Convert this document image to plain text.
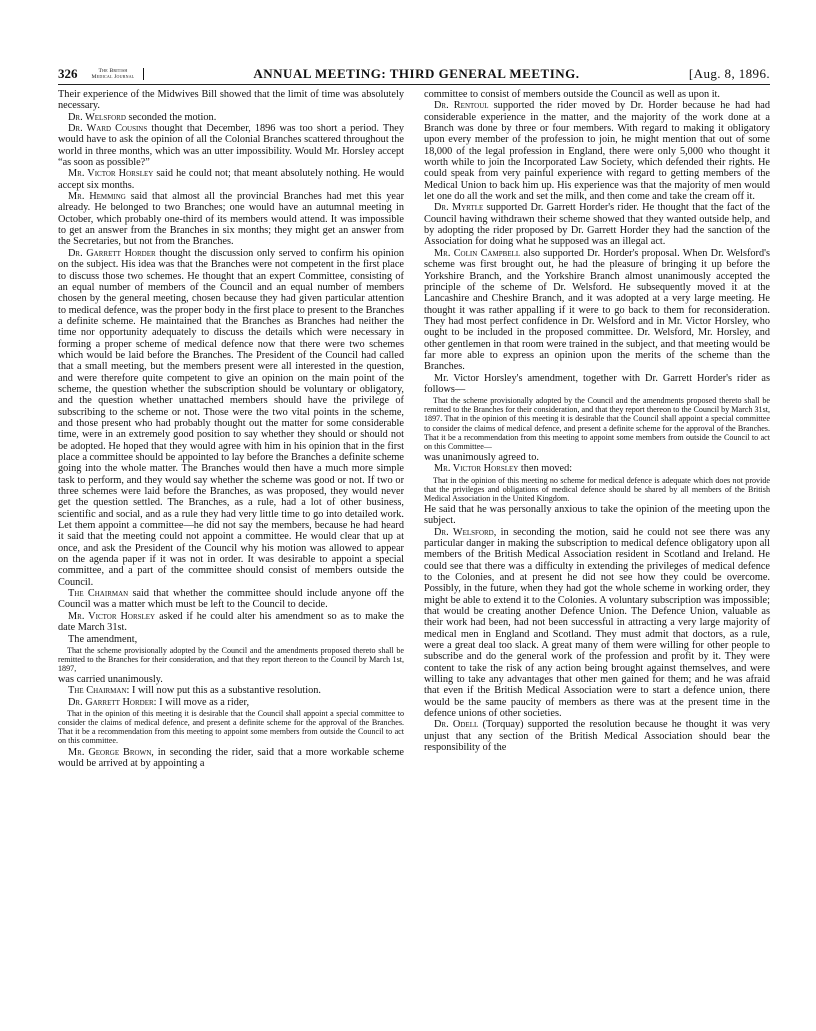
326	The British
Medical Journal	ANNUAL MEETING: THIRD GENERAL MEETING.	[Aug. 8, 1896.

Their experience of the Midwives Bill showed that the limit of time was absolutely necessary.

Dr. Welsford seconded the motion.

Dr. Ward Cousins thought that December, 1896 was too short a period. They would have to ask the opinion of all the Colonial Branches scattered throughout the world in three months, which was an utter impossibility. Would Mr. Horsley accept “as soon as possible?”

Mr. Victor Horsley said he could not; that meant absolutely nothing. He would accept six months.

Mr. Hemming said that almost all the provincial Branches had met this year already. He belonged to two Branches; one would have an autumnal meeting in October, which probably one-third of its members would attend. It was impossible to get an answer from the Branches in six months; they might get an answer from the Secretaries, but not from the Branches.

Dr. Garrett Horder thought the discussion only served to confirm his opinion on the subject. His idea was that the Branches were not competent in the first place to discuss those two schemes. He thought that an expert Committee, consisting of an equal number of members of the Council and an equal number of members chosen by the general meeting, chosen because they had given particular attention to medical defence, was the proper body in the first place to present to the Branches a definite scheme. He maintained that the Branches as Branches had neither the time nor opportunity adequately to discuss the details which were necessary in forming a proper scheme of medical defence now that there were two schemes which would be laid before the Branches. The President of the Council had called that a small meeting, but the members present were all interested in the question, and were therefore quite competent to give an opinion on the main point of the scheme, the question whether the subscription should be voluntary or obligatory, and the question whether unattached members should have the privilege of subscribing to the scheme or not. Those were the two vital points in the scheme, and those present who had probably thought out the matter for some considerable time, were in an extremely good position to say whether they should or should not be adopted. He hoped that they would agree with him in his opinion that in the first place a committee should be appointed to lay before the Branches a definite scheme going into the whole matter. The Branches would then have a much more simple task to perform, and they would say whether the scheme was good or not. If two or three schemes were laid before the Branches, as was proposed, they would never get the question settled. The Branches, as a rule, had a lot of other business, scientific and social, and as a rule they had very little time to go into detailed work. Let them appoint a committee—he did not say the members, because he had heard it said that the meeting could not appoint a committee. He would clear that up at once, and ask the President of the Council why his motion was allowed to appear on the agenda paper if it was not in order. It was desirable to appoint a special committee, and a part of the committee should consist of members outside the Council.

The Chairman said that whether the committee should include anyone off the Council was a matter which must be left to the Council to decide.

Mr. Victor Horsley asked if he could alter his amendment so as to make the date March 31st.

The amendment,

That the scheme provisionally adopted by the Council and the amendments proposed thereto shall be remitted to the Branches for their consideration, and that they report thereon to the Council by March 1st, 1897,

was carried unanimously.

The Chairman: I will now put this as a substantive resolution.

Dr. Garrett Horder: I will move as a rider,

That in the opinion of this meeting it is desirable that the Council shall appoint a special committee to consider the claims of medical defence, and present a definite scheme for the approval of the Branches. That it be a recommendation from this meeting to appoint some members from outside the Council to act on this committee.

Mr. George Brown, in seconding the rider, said that a more workable scheme would be arrived at by appointing a

committee to consist of members outside the Council as well as upon it.

Dr. Rentoul supported the rider moved by Dr. Horder because he had had considerable experience in the matter, and the majority of the work done at a Branch was done by three or four members. With regard to making it obligatory upon every member of the profession to join, he might mention that out of some 18,000 of the legal profession in England, there were only 5,000 who thought it worth while to join the Incorporated Law Society, which defended their rights. He could speak from very painful experience with regard to getting members of the Medical Union to back him up. His experience was that the majority of men would let one do all the work and set the milk, and then come and take the cream off it.

Dr. Myrtle supported Dr. Garrett Horder's rider. He thought that the fact of the Council having withdrawn their scheme showed that they wanted outside help, and by adopting the rider proposed by Dr. Garrett Horder they had the sanction of the Association for doing what he supposed was an illegal act.

Mr. Colin Campbell also supported Dr. Horder's proposal. When Dr. Welsford's scheme was first brought out, he had the pleasure of bringing it up before the Yorkshire Branch, and the Yorkshire Branch almost unanimously accepted the principle of the scheme of Dr. Welsford. He subsequently moved it at the Lancashire and Cheshire Branch, and it was adopted at a very large meeting. He thought it was rather appalling if it were to go back to them for reconsideration. They had most perfect confidence in Dr. Welsford and in Mr. Victor Horsley, who ought to be included in the proposed committee. Dr. Welsford, Mr. Horsley, and other gentlemen in that room were trained in the subject, and that meeting would be far more able to express an opinion upon the merits of the scheme than the Branches.

Mr. Victor Horsley's amendment, together with Dr. Garrett Horder's rider as follows—

That the scheme provisionally adopted by the Council and the amendments proposed thereto shall be remitted to the Branches for their consideration, and that they report thereon to the Council by March 31st, 1897. That in the opinion of this meeting it is desirable that the Council shall appoint a special committee to consider the claims of medical defence, and present a definite scheme for the approval of the Branches. That it be a recommendation from this meeting to appoint some members from outside the Council to act on this Committee—

was unanimously agreed to.

Mr. Victor Horsley then moved:

That in the opinion of this meeting no scheme for medical defence is adequate which does not provide that the privileges and obligations of medical defence should be shared by all members of the British Medical Association in the United Kingdom.

He said that he was personally anxious to take the opinion of the meeting upon the subject.

Dr. Welsford, in seconding the motion, said he could not see there was any particular danger in making the subscription to medical defence obligatory upon all members of the British Medical Association resident in Scotland and Ireland. He could see that there was a difficulty in extending the privileges of medical defence to the Colonies, and at present he did not see how they could be overcome. Possibly, in the future, when they had got the whole scheme in working order, they might be able to extend it to the Colonies. A voluntary subscription was impossible; that would be creating another Defence Union. The Defence Union, valuable as their work had been, had not been successful in attracting a very large majority of medical men in England and Scotland. They must admit that doctors, as a rule, were a great deal too slack. A great many of them were willing for other people to subscribe and do the general work of the profession and profit by it. They were content to take the risk of any action being brought against themselves, and were willing to take any advantages that other men gained for them; and he was afraid that even if the British Medical Association were to start a defence union, there would be the same paucity of members as there was at the present time in the defence unions of other societies.

Dr. Odell (Torquay) supported the resolution because he thought it was very unjust that any section of the British Medical Association should bear the responsibility of the
